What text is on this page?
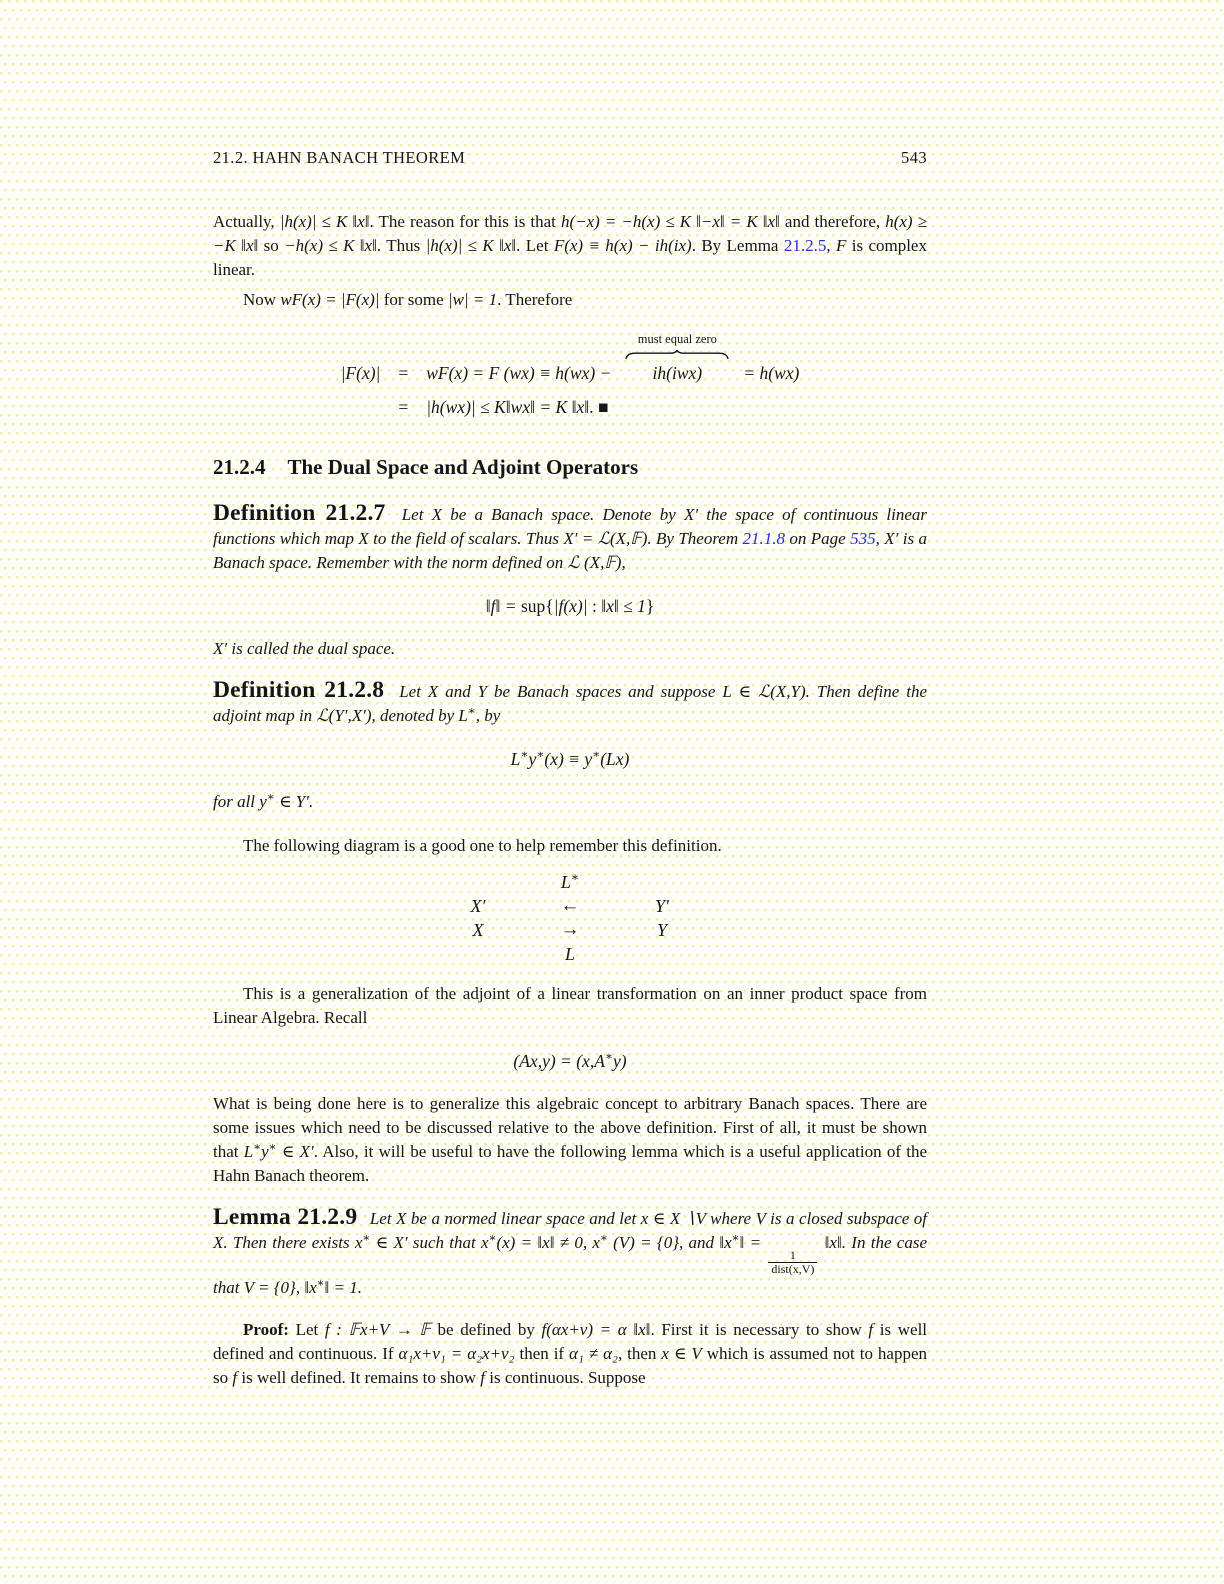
21.2. HAHN BANACH THEOREM	543

Actually, |h(x)| ≤ K ‖x‖. The reason for this is that h(−x) = −h(x) ≤ K ‖−x‖ = K ‖x‖ and therefore, h(x) ≥ −K ‖x‖ so −h(x) ≤ K ‖x‖. Thus |h(x)| ≤ K ‖x‖. Let F(x) ≡ h(x) − ih(ix). By Lemma 21.2.5, F is complex linear.

Now wF(x) = |F(x)| for some |w| = 1. Therefore

|F(x)| = wF(x) = F (wx) ≡ h(wx) −
must equal zero
ih(iwx) = h(wx)
= |h(wx)| ≤ K‖wx‖ = K ‖x‖. ■
21.2.4 The Dual Space and Adjoint Operators

Definition 21.2.7 Let X be a Banach space. Denote by X′ the space of continuous linear functions which map X to the field of scalars. Thus X′ = ℒ(X,𝔽). By Theorem 21.1.8 on Page 535, X′ is a Banach space. Remember with the norm defined on ℒ (X,𝔽),

‖f‖ = sup{|f(x)| : ‖x‖ ≤ 1}

X′ is called the dual space.

Definition 21.2.8 Let X and Y be Banach spaces and suppose L ∈ ℒ(X,Y). Then define the adjoint map in ℒ(Y′,X′), denoted by L∗, by

L∗y∗(x) ≡ y∗(Lx)

for all y∗ ∈ Y′.

The following diagram is a good one to help remember this definition.

L∗
X′	←	Y′
X	→	Y
L

This is a generalization of the adjoint of a linear transformation on an inner product space from Linear Algebra. Recall

(Ax,y) = (x,A∗y)

What is being done here is to generalize this algebraic concept to arbitrary Banach spaces. There are some issues which need to be discussed relative to the above definition. First of all, it must be shown that L∗y∗ ∈ X′. Also, it will be useful to have the following lemma which is a useful application of the Hahn Banach theorem.

Lemma 21.2.9 Let X be a normed linear space and let x ∈ X ∖V where V is a closed subspace of X. Then there exists x∗ ∈ X′ such that x∗(x) = ‖x‖ ≠ 0, x∗ (V) = {0}, and ‖x∗‖ =
$\frac{1}{\text{dist(x,V)}}$
‖x‖. In the case that V = {0}, ‖x∗‖ = 1.

Proof: Let f : 𝔽x+V → 𝔽 be defined by f(αx+v) = α ‖x‖. First it is necessary to show f is well defined and continuous. If α₁x+v₁ = α₂x+v₂ then if α₁ ≠ α₂, then x ∈ V which is assumed not to happen so f is well defined. It remains to show f is continuous. Suppose
